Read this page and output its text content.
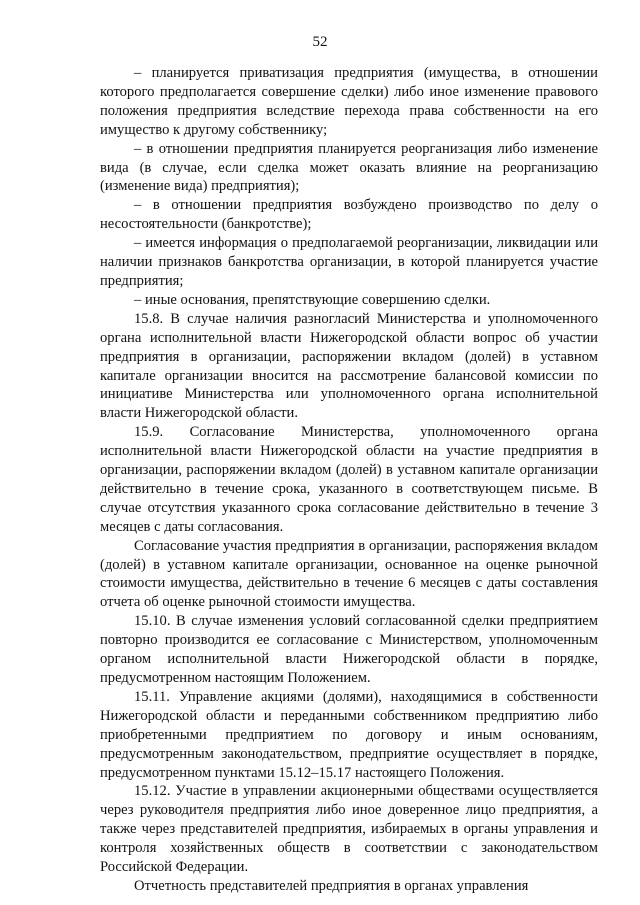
52

– планируется приватизация предприятия (имущества, в отношении которого предполагается совершение сделки) либо иное изменение правового положения предприятия вследствие перехода права собственности на его имущество к другому собственнику;

– в отношении предприятия планируется реорганизация либо изменение вида (в случае, если сделка может оказать влияние на реорганизацию (изменение вида) предприятия);

– в отношении предприятия возбуждено производство по делу о несостоятельности (банкротстве);

– имеется информация о предполагаемой реорганизации, ликвидации или наличии признаков банкротства организации, в которой планируется участие предприятия;

– иные основания, препятствующие совершению сделки.

15.8. В случае наличия разногласий Министерства и уполномоченного органа исполнительной власти Нижегородской области вопрос об участии предприятия в организации, распоряжении вкладом (долей) в уставном капитале организации вносится на рассмотрение балансовой комиссии по инициативе Министерства или уполномоченного органа исполнительной власти Нижегородской области.

15.9. Согласование Министерства, уполномоченного органа исполнительной власти Нижегородской области на участие предприятия в организации, распоряжении вкладом (долей) в уставном капитале организации действительно в течение срока, указанного в соответствующем письме. В случае отсутствия указанного срока согласование действительно в течение 3 месяцев с даты согласования.

Согласование участия предприятия в организации, распоряжения вкладом (долей) в уставном капитале организации, основанное на оценке рыночной стоимости имущества, действительно в течение 6 месяцев с даты составления отчета об оценке рыночной стоимости имущества.

15.10. В случае изменения условий согласованной сделки предприятием повторно производится ее согласование с Министерством, уполномоченным органом исполнительной власти Нижегородской области в порядке, предусмотренном настоящим Положением.

15.11. Управление акциями (долями), находящимися в собственности Нижегородской области и переданными собственником предприятию либо приобретенными предприятием по договору и иным основаниям, предусмотренным законодательством, предприятие осуществляет в порядке, предусмотренном пунктами 15.12–15.17 настоящего Положения.

15.12. Участие в управлении акционерными обществами осуществляется через руководителя предприятия либо иное доверенное лицо предприятия, а также через представителей предприятия, избираемых в органы управления и контроля хозяйственных обществ в соответствии с законодательством Российской Федерации.

Отчетность представителей предприятия в органах управления
